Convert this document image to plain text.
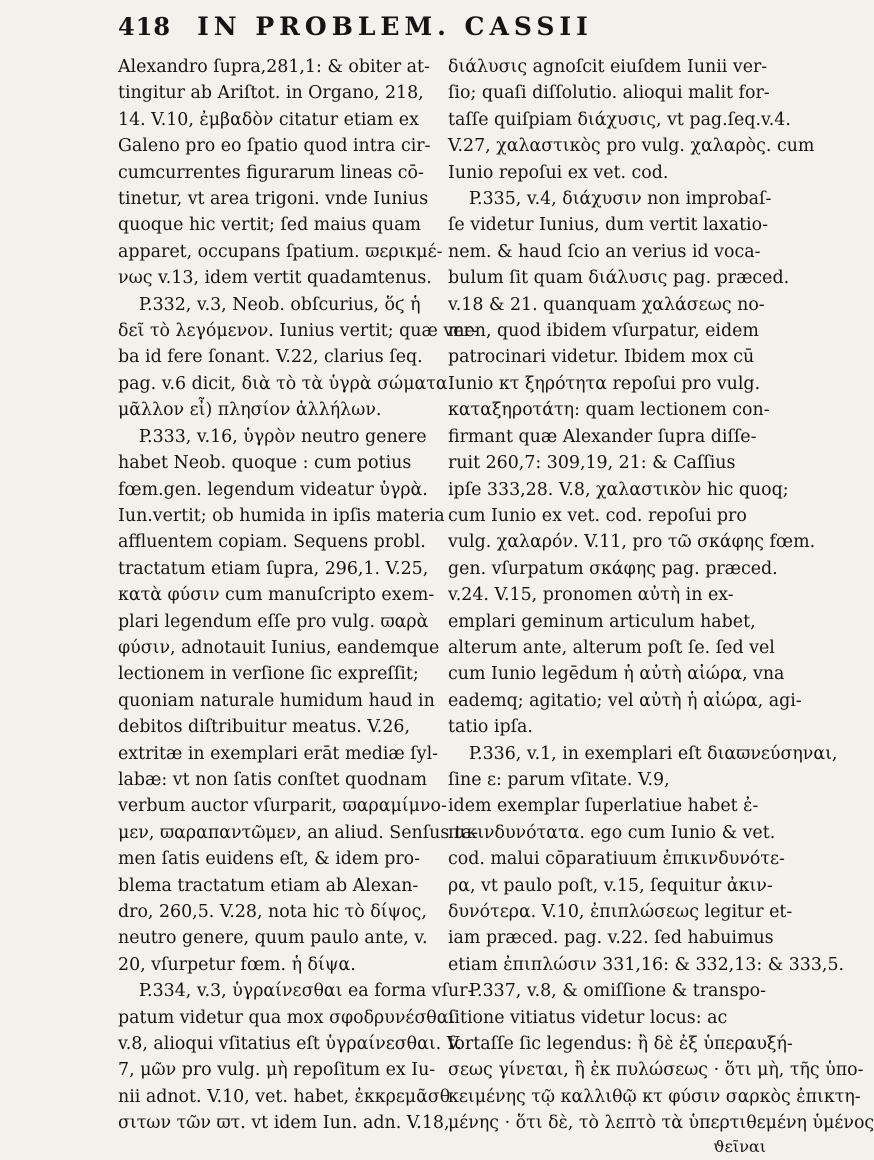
418 IN PROBLEM. CASSII
Alexandro ſupra,281,1: & obiter at-
tingitur ab Ariſtot. in Organo, 218,
14. V.10, ἐμβαδὸν citatur etiam ex
Galeno pro eo ſpatio quod intra cir-
cumcurrentes figurarum lineas cō-
tinetur, vt area trigoni. vnde Iunius
quoque hic vertit; ſed maius quam
apparet, occupans ſpatium. ϖερικμέ-
νως v.13, idem vertit quadamtenus.
P.332, v.3, Neob. obſcurius, ὅϛ ἡ
δεῖ τὸ λεγόμενον. Iunius vertit; quæ ver-
ba id fere ſonant. V.22, clarius ſeq.
pag. v.6 dicit, διὰ τὸ τὰ ὑγρὰ σώματα
μᾶλλον εἶ) πλησίον ἀλλήλων.
P.333, v.16, ὑγρὸν neutro genere
habet Neob. quoque : cum potius
fœm.gen. legendum videatur ὑγρὰ.
Iun.vertit; ob humida in ipſis materia
affluentem copiam. Sequens probl.
tractatum etiam ſupra, 296,1. V.25,
κατὰ φύσιν cum manuſcripto exem-
plari legendum eſſe pro vulg. ϖαρὰ
φύσιν, adnotauit Iunius, eandemque
lectionem in verſione ſic expreſſit;
quoniam naturale humidum haud in
debitos diſtribuitur meatus. V.26,
extritæ in exemplari erāt mediæ ſyl-
labæ: vt non ſatis conſtet quodnam
verbum auctor vſurparit, ϖαραμίμνο-
μεν, ϖαραπαντῶμεν, an aliud. Senſus ta-
men ſatis euidens eſt, & idem pro-
blema tractatum etiam ab Alexan-
dro, 260,5. V.28, nota hic τὸ δίψος,
neutro genere, quum paulo ante, v.
20, vſurpetur fœm. ἡ δίψα.
P.334, v.3, ὑγραίνεσθαι ea forma vſur-
patum videtur qua mox σφοδρυνέσθαι
v.8, alioqui vſitatius eſt ὑγραίνεσθαι. V.
7, μῶν pro vulg. μὴ repoſitum ex Iu-
nii adnot. V.10, vet. habet, ἐκκρεμᾶσθ
σιτων τῶν ϖτ. vt idem Iun. adn. V.18,
διάλυσις agnoſcit eiuſdem Iunii ver-
ſio; quaſi diſſolutio. alioqui malit for-
taſſe quiſpiam διάχυσις, vt pag.ſeq.v.4.
V.27, χαλαστικὸς pro vulg. χαλαρὸς. cum
Iunio repoſui ex vet. cod.
P.335, v.4, διάχυσιν non improbaſ-
ſe videtur Iunius, dum vertit laxatio-
nem. & haud ſcio an verius id voca-
bulum ſit quam διάλυσις pag. præced.
v.18 & 21. quanquam χαλάσεως no-
men, quod ibidem vſurpatur, eidem
patrocinari videtur. Ibidem mox cū
Iunio κτ ξηρότητα repoſui pro vulg.
καταξηροτάτη: quam lectionem con-
firmant quæ Alexander ſupra diſſe-
ruit 260,7: 309,19, 21: & Caſſius
ipſe 333,28. V.8, χαλαστικὸν hic quoq;
cum Iunio ex vet. cod. repoſui pro
vulg. χαλαρόν. V.11, pro τῶ σκάφης fœm.
gen. vſurpatum σκάφης pag. præced.
v.24. V.15, pronomen αὐτὴ in ex-
emplari geminum articulum habet,
alterum ante, alterum poſt ſe. ſed vel
cum Iunio legēdum ἡ αὐτὴ αἰώρα, vna
eademq; agitatio; vel αὐτὴ ἡ αἰώρα, agi-
tatio ipſa.
P.336, v.1, in exemplari eſt διαϖνεύσηναι,
ſine ε: parum vſitate. V.9,
idem exemplar ſuperlatiue habet ἐ-
πικινδυνότατα. ego cum Iunio & vet.
cod. malui cōparatiuum ἐπικινδυνότε-
ρα, vt paulo poſt, v.15, ſequitur ἀκιν-
δυνότερα. V.10, ἐπιπλώσεως legitur et-
iam præced. pag. v.22. ſed habuimus
etiam ἐπιπλώσιν 331,16: & 332,13: & 333,5.
P.337, v.8, & omiſſione & transpo-
ſitione vitiatus videtur locus: ac
fortaſſe ſic legendus: ἢ δὲ ἐξ ὑπεραυξή-
σεως γίνεται, ἢ ἐκ πυλώσεως · ὅτι μὴ, τῆς ὑπο-
κειμένης τῷ καλλιθῷ κτ φύσιν σαρκὸς ἐπικτη-
μένης · ὅτι δὲ, τὸ λεπτὸ τὰ ὑπερτιθεμένη ὑμένος
ϑεῖναι
